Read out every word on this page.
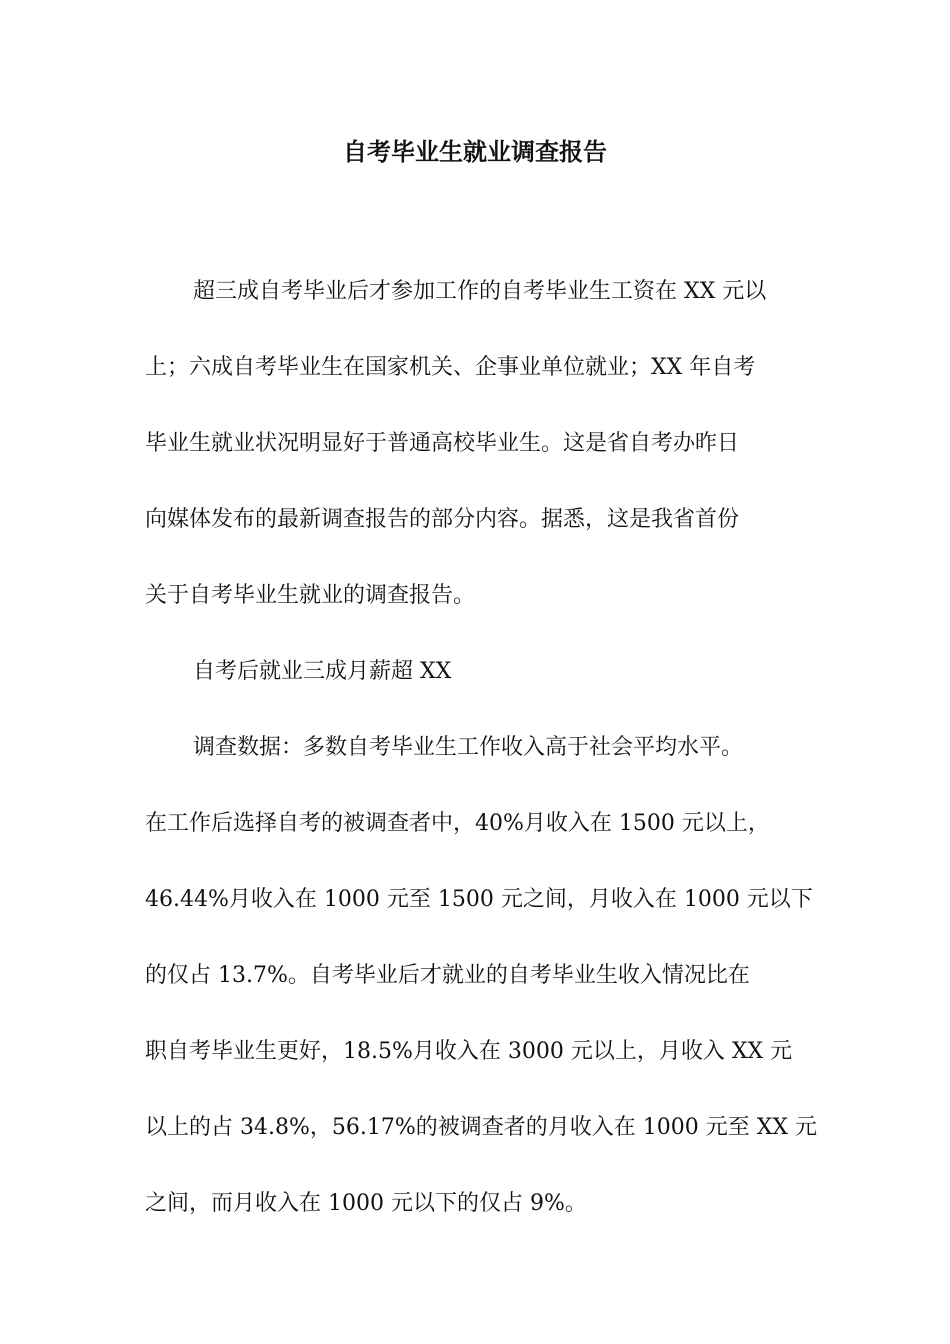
自考毕业生就业调查报告

超三成自考毕业后才参加工作的自考毕业生工资在 XX 元以
上；六成自考毕业生在国家机关、企事业单位就业；XX 年自考
毕业生就业状况明显好于普通高校毕业生。这是省自考办昨日
向媒体发布的最新调查报告的部分内容。据悉，这是我省首份
关于自考毕业生就业的调查报告。

自考后就业三成月薪超 XX

调查数据：多数自考毕业生工作收入高于社会平均水平。
在工作后选择自考的被调查者中，40%月收入在 1500 元以上，
46.44%月收入在 1000 元至 1500 元之间，月收入在 1000 元以下
的仅占 13.7%。自考毕业后才就业的自考毕业生收入情况比在
职自考毕业生更好，18.5%月收入在 3000 元以上，月收入 XX 元
以上的占 34.8%，56.17%的被调查者的月收入在 1000 元至 XX 元
之间，而月收入在 1000 元以下的仅占 9%。
